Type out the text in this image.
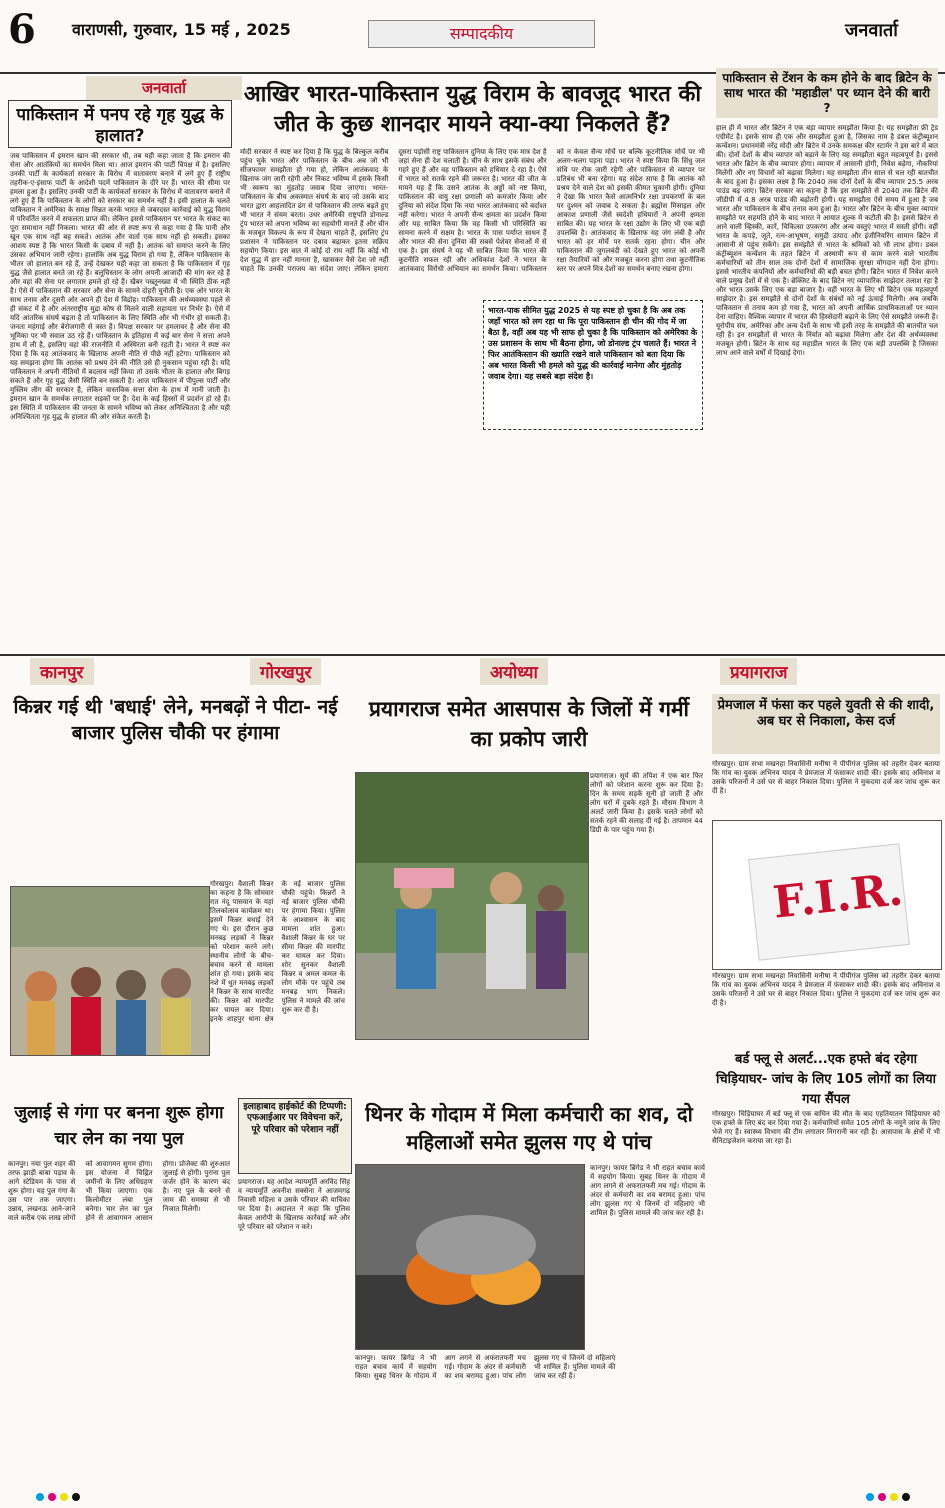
6 वाराणसी, गुरुवार, 15 मई , 2025	सम्पादकीय	जनवार्ता
जनवार्ता
पाकिस्तान में पनप रहे गृह युद्ध के हालात?
जब पाकिस्तान में इमरान खान की सरकार थी, तब यही कहा जाता है कि इमरान की सेना और आतंकियों का समर्थन मिला था। आज इमरान की पार्टी विपक्ष में है। इसलिए उनकी पार्टी के कार्यकर्ता सरकार के विरोध में वातावरण बनाने में लगे हुए हैं राष्ट्रीय तहरीक-ए-इंसाफ पार्टी के आदेशी पदमें पाकिस्तान के दौरे पर हैं। भारत की सीमा पर हमला हुआ है। इसलिए उनकी पार्टी के कार्यकर्ता सरकार के विरोध में वातावरण बनाने में लगे हुए हैं कि पाकिस्तान के लोगों को सरकार का समर्थन नहीं है। इसी हालात के चलते पाकिस्तान ने अमेरिका के समक्ष मिन्नत करके भारत से जबरदस्त कार्रवाई को युद्ध विराम में परिवर्तित करने में सफलता प्राप्त की। लेकिन इससे पाकिस्तान पर भारत के संकट का पूरा समाधान नहीं निकला। भारत की ओर से स्पष्ट रूप से कहा गया है कि पानी और खून एक साथ नहीं बह सकते। आतंक और वार्ता एक साथ नहीं हो सकती। इसका आशय स्पष्ट है कि भारत किसी के दबाव में नहीं है। आतंक को समाप्त करने के लिए उसका अभियान जारी रहेगा। हालांकि अब युद्ध विराम हो गया है, लेकिन पाकिस्तान के भीतर जो हालात बन रहे हैं, उन्हें देखकर यही कहा जा सकता है कि पाकिस्तान में गृह युद्ध जैसे हालात बनते जा रहे हैं। बलूचिस्तान के लोग अपनी आजादी की मांग कर रहे हैं और वहां की सेना पर लगातार हमले हो रहे हैं। खैबर पख्तूनख्वा में भी स्थिति ठीक नहीं है। ऐसे में पाकिस्तान की सरकार और सेना के सामने दोहरी चुनौती है। एक ओर भारत के साथ तनाव और दूसरी ओर अपने ही देश में विद्रोह। पाकिस्तान की अर्थव्यवस्था पहले से ही संकट में है और अंतरराष्ट्रीय मुद्रा कोष से मिलने वाली सहायता पर निर्भर है। ऐसे में यदि आंतरिक संघर्ष बढ़ता है तो पाकिस्तान के लिए स्थिति और भी गंभीर हो सकती है। जनता महंगाई और बेरोजगारी से त्रस्त है। विपक्ष सरकार पर हमलावर है और सेना की भूमिका पर भी सवाल उठ रहे हैं। पाकिस्तान के इतिहास में कई बार सेना ने सत्ता अपने हाथ में ली है, इसलिए वहां की राजनीति में अस्थिरता बनी रहती है। भारत ने स्पष्ट कर दिया है कि वह आतंकवाद के खिलाफ अपनी नीति से पीछे नहीं हटेगा। पाकिस्तान को यह समझना होगा कि आतंक को प्रश्रय देने की नीति उसे ही नुकसान पहुंचा रही है। यदि पाकिस्तान ने अपनी नीतियों में बदलाव नहीं किया तो उसके भीतर के हालात और बिगड़ सकते हैं और गृह युद्ध जैसी स्थिति बन सकती है। आज पाकिस्तान में पीपुल्स पार्टी और मुस्लिम लीग की सरकार है, लेकिन वास्तविक सत्ता सेना के हाथ में मानी जाती है। इमरान खान के समर्थक लगातार सड़कों पर हैं। देश के कई हिस्सों में प्रदर्शन हो रहे हैं। इस स्थिति में पाकिस्तान की जनता के सामने भविष्य को लेकर अनिश्चितता है और यही अनिश्चितता गृह युद्ध के हालात की ओर संकेत करती है।
आखिर भारत-पाकिस्तान युद्ध विराम के बावजूद भारत की जीत के कुछ शानदार मायने क्या-क्या निकलते हैं?
मोदी सरकार ने स्पष्ट कर दिया है कि युद्ध के बिल्कुल करीब पहुंच चुके भारत और पाकिस्तान के बीच अब जो भी सीजफायर समझौता हो गया हो, लेकिन आतंकवाद के खिलाफ जंग जारी रहेगी और निकट भविष्य में इसके किसी भी स्वरूप का मुंहतोड़ जवाब दिया जाएगा। भारत-पाकिस्तान के बीच अकस्मात संघर्ष के बाद जो उसके बाद भारत द्वारा आहलादित ढंग से पाकिस्तान की तरफ बढ़ते हुए भी भारत ने संयम बरता। उधर अमेरिकी राष्ट्रपति डोनाल्ड ट्रंप भारत को अपना भविष्य का सहयोगी मानते हैं और चीन के मजबूत विकल्प के रूप में देखना चाहते हैं, इसलिए ट्रंप प्रशासन ने पाकिस्तान पर दबाव बढ़ाकर इतना सक्रिय सहयोग किया। इस बात में कोई दो राय नहीं कि कोई भी देश युद्ध में हार नहीं मानता है, खासकर वैसे देश जो नहीं चाहते कि उनकी पराजय का संदेश जाए। लेकिन हमारा दूसरा पड़ोसी राष्ट्र पाकिस्तान दुनिया के लिए एक मात्र देश है जहां सेना ही देश चलाती है। चीन के साथ इसके संबंध और गहरे हुए हैं और वह पाकिस्तान को हथियार दे रहा है। ऐसे में भारत को सतर्क रहने की जरूरत है। भारत की जीत के मायने यह हैं कि उसने आतंक के अड्डों को नष्ट किया, पाकिस्तान की वायु रक्षा प्रणाली को कमजोर किया और दुनिया को संदेश दिया कि नया भारत आतंकवाद को बर्दाश्त नहीं करेगा। भारत ने अपनी सैन्य क्षमता का प्रदर्शन किया और यह साबित किया कि वह किसी भी परिस्थिति का सामना करने में सक्षम है। भारत के पास पर्याप्त साधन हैं और भारत की सेना दुनिया की सबसे पेशेवर सेनाओं में से एक है। इस संघर्ष ने यह भी साबित किया कि भारत की कूटनीति सफल रही और अधिकांश देशों ने भारत के आतंकवाद विरोधी अभियान का समर्थन किया। पाकिस्तान को न केवल सैन्य मोर्चे पर बल्कि कूटनीतिक मोर्चे पर भी अलग-थलग पड़ना पड़ा। भारत ने स्पष्ट किया कि सिंधु जल संधि पर रोक जारी रहेगी और पाकिस्तान से व्यापार पर प्रतिबंध भी बना रहेगा। यह संदेश साफ है कि आतंक को प्रश्रय देने वाले देश को इसकी कीमत चुकानी होगी। दुनिया ने देखा कि भारत कैसे आत्मनिर्भर रक्षा उपकरणों के बल पर दुश्मन को जवाब दे सकता है। ब्रह्मोस मिसाइल और आकाश प्रणाली जैसे स्वदेशी हथियारों ने अपनी क्षमता साबित की। यह भारत के रक्षा उद्योग के लिए भी एक बड़ी उपलब्धि है। आतंकवाद के खिलाफ यह जंग लंबी है और भारत को हर मोर्चे पर सतर्क रहना होगा। चीन और पाकिस्तान की जुगलबंदी को देखते हुए भारत को अपनी रक्षा तैयारियों को और मजबूत करना होगा तथा कूटनीतिक स्तर पर अपने मित्र देशों का समर्थन बनाए रखना होगा।
भारत-पाक सीमित युद्ध 2025 से यह स्पष्ट हो चुका है कि अब तक जहाँ भारत को लग रहा था कि पूरा पाकिस्तान ही चीन की गोद में जा बैठा है, वहीं अब यह भी साफ हो चुका है कि पाकिस्तान को अमेरिका के उस प्रशासन के साथ भी बैठना होगा, जो डोनाल्ड ट्रंप चलाते हैं। भारत ने फिर आतंकिस्तान की ख्याति रखने वाले पाकिस्तान को बता दिया कि अब भारत किसी भी हमले को युद्ध की कार्रवाई मानेगा और मुंहतोड़ जवाब देगा। यह सबसे बड़ा संदेश है।
पाकिस्तान से टेंशन के कम होने के बाद ब्रिटेन के साथ भारत की 'महाडील' पर ध्यान देने की बारी ?
हाल ही में भारत और ब्रिटेन ने एक बड़ा व्यापार समझौता किया है। यह समझौता फ्री ट्रेड एग्रीमेंट है। इसके साथ ही एक और समझौता हुआ है, जिसका नाम है डबल कंट्रीब्यूशन कन्वेंशन। प्रधानमंत्री नरेंद्र मोदी और ब्रिटेन में उनके समकक्ष कीर स्टार्मर ने इस बारे में बात की। दोनों देशों के बीच व्यापार को बढ़ाने के लिए यह समझौता बहुत महत्वपूर्ण है। इससे भारत और ब्रिटेन के बीच व्यापार होगा। व्यापार में आसानी होगी, निवेश बढ़ेगा, नौकरियां मिलेंगी और नए विचारों को बढ़ावा मिलेगा। यह समझौता तीन साल से चल रही बातचीत के बाद हुआ है। इसका लक्ष्य है कि 2040 तक दोनों देशों के बीच व्यापार 25.5 अरब पाउंड बढ़ जाए। ब्रिटेन सरकार का कहना है कि इस समझौते से 2040 तक ब्रिटेन की जीडीपी में 4.8 अरब पाउंड की बढ़ोतरी होगी। यह समझौता ऐसे समय में हुआ है जब भारत और पाकिस्तान के बीच तनाव कम हुआ है। भारत और ब्रिटेन के बीच मुक्त व्यापार समझौते पर सहमति होने के बाद भारत ने आयात शुल्क में कटौती की है। इससे ब्रिटेन से आने वाली व्हिस्की, कारें, चिकित्सा उपकरण और अन्य वस्तुएं भारत में सस्ती होंगी। वहीं भारत के कपड़े, जूते, रत्न-आभूषण, समुद्री उत्पाद और इंजीनियरिंग सामान ब्रिटेन में आसानी से पहुंच सकेंगे। इस समझौते से भारत के श्रमिकों को भी लाभ होगा। डबल कंट्रीब्यूशन कन्वेंशन के तहत ब्रिटेन में अस्थायी रूप से काम करने वाले भारतीय कर्मचारियों को तीन साल तक दोनों देशों में सामाजिक सुरक्षा योगदान नहीं देना होगा। इससे भारतीय कंपनियों और कर्मचारियों की बड़ी बचत होगी। ब्रिटेन भारत में निवेश करने वाले प्रमुख देशों में से एक है। ब्रेक्जिट के बाद ब्रिटेन नए व्यापारिक साझेदार तलाश रहा है और भारत उसके लिए एक बड़ा बाजार है। वहीं भारत के लिए भी ब्रिटेन एक महत्वपूर्ण साझेदार है। इस समझौते से दोनों देशों के संबंधों को नई ऊंचाई मिलेगी। अब जबकि पाकिस्तान से तनाव कम हो गया है, भारत को अपनी आर्थिक प्राथमिकताओं पर ध्यान देना चाहिए। वैश्विक व्यापार में भारत की हिस्सेदारी बढ़ाने के लिए ऐसे समझौते जरूरी हैं। यूरोपीय संघ, अमेरिका और अन्य देशों के साथ भी इसी तरह के समझौते की बातचीत चल रही है। इन समझौतों से भारत के निर्यात को बढ़ावा मिलेगा और देश की अर्थव्यवस्था मजबूत होगी। ब्रिटेन के साथ यह महाडील भारत के लिए एक बड़ी उपलब्धि है जिसका लाभ आने वाले वर्षों में दिखाई देगा।
कानपुर	गोरखपुर	अयोध्या	प्रयागराज
किन्नर गई थी 'बधाई' लेने, मनबढ़ों ने पीटा- नई बाजार पुलिस चौकी पर हंगामा
गोरखपुर। वैशाली किन्नर का कहना है कि सोमवार रात नंदू पासवान के यहां तिलकोत्सव कार्यक्रम था। इसमें किन्नर बधाई देने गए थे। इस दौरान कुछ मनबढ़ लड़कों ने किन्नर को परेशान करने लगे। स्थानीय लोगों के बीच-बचाव करने से मामला शांत हो गया। इसके बाद नशे में धुत मनबढ़ लड़कों ने किन्नर के साथ मारपीट की। किन्नर को मारपीट कर घायल कर दिया। इनके शाहपुर थाना क्षेत्र के नई बाजार पुलिस चौकी पहुंचे। किन्नरों ने नई बाजार पुलिस चौकी पर हंगामा किया। पुलिस के आश्वासन के बाद मामला शांत हुआ। वैशाली किन्नर के घर पर सीमा किन्नर की मारपीट कर घायल कर दिया। शोर सुनकर वैशाली किन्नर व अमल कमल के लोग मौके पर पहुंचे तब मनबढ़ भाग निकले। पुलिस ने मामले की जांच शुरू कर दी है।
जुलाई से गंगा पर बनना शुरू होगा चार लेन का नया पुल
कानपुर। नया पुल शहर की तरफ झाड़ी बाबा पड़ाव के आगे स्टेडियम के पास से शुरू होगा। यह पुल गंगा के उस पार तक जाएगा। उन्नाव, लखनऊ आने-जाने वाले करीब एक लाख लोगों को आवागमन सुगम होगा। इस योजना में चिह्नित जमीनों के लिए अधिग्रहण भी किया जाएगा। एक किलोमीटर लंबा पुल बनेगा। चार लेन का पुल होने से आवागमन आसान होगा। प्रोजेक्ट की शुरुआत जुलाई से होगी। पुराना पुल जर्जर होने के कारण बंद है। नए पुल के बनने से जाम की समस्या से भी निजात मिलेगी।
इलाहाबाद हाईकोर्ट की टिप्पणी: एफआईआर पर विवेचना करें, पूरे परिवार को परेशान नहीं
प्रयागराज। यह आदेश न्यायमूर्ति अरविंद सिंह व न्यायमूर्ति अवनीश सक्सेना ने आजमगढ़ निवासी महिला व उसके परिवार की याचिका पर दिया है। अदालत ने कहा कि पुलिस केवल आरोपी के खिलाफ कार्रवाई करे और पूरे परिवार को परेशान न करे।
प्रयागराज समेत आसपास के जिलों में गर्मी का प्रकोप जारी
प्रयागराज। सूर्य की तपिश ने एक बार फिर लोगों को परेशान करना शुरू कर दिया है। दिन के समय सड़कें सूनी हो जाती हैं और लोग घरों में दुबके रहते हैं। मौसम विभाग ने अलर्ट जारी किया है। इसके चलते लोगों को सतर्क रहने की सलाह दी गई है। तापमान 44 डिग्री के पार पहुंच गया है।
थिनर के गोदाम में मिला कर्मचारी का शव, दो महिलाओं समेत झुलस गए थे पांच
कानपुर। फायर ब्रिगेड ने भी राहत बचाव कार्य में सहयोग किया। सुबह थिनर के गोदाम में आग लगने से अफरातफरी मच गई। गोदाम के अंदर से कर्मचारी का शव बरामद हुआ। पांच लोग झुलस गए थे जिनमें दो महिलाएं भी शामिल हैं। पुलिस मामले की जांच कर रही है।
कानपुर। फायर ब्रिगेड ने भी राहत बचाव कार्य में सहयोग किया। सुबह थिनर के गोदाम में आग लगने से अफरातफरी मच गई। गोदाम के अंदर से कर्मचारी का शव बरामद हुआ। पांच लोग झुलस गए थे जिनमें दो महिलाएं भी शामिल हैं। पुलिस मामले की जांच कर रही है।
प्रेमजाल में फंसा कर पहले युवती से की शादी, अब घर से निकाला, केस दर्ज
गोरखपुर। ग्राम सभा मखनहा निवासिनी मनीषा ने पीपीगंज पुलिस को तहरीर देकर बताया कि गांव का युवक अभिनव यादव ने प्रेमजाल में फंसाकर शादी की। इसके बाद अविनाश व उसके परिजनों ने उसे घर से बाहर निकाल दिया। पुलिस ने मुकदमा दर्ज कर जांच शुरू कर दी है।
F.I.R.
गोरखपुर। ग्राम सभा मखनहा निवासिनी मनीषा ने पीपीगंज पुलिस को तहरीर देकर बताया कि गांव का युवक अभिनव यादव ने प्रेमजाल में फंसाकर शादी की। इसके बाद अविनाश व उसके परिजनों ने उसे घर से बाहर निकाल दिया। पुलिस ने मुकदमा दर्ज कर जांच शुरू कर दी है।
बर्ड फ्लू से अलर्ट...एक हफ्ते बंद रहेगा चिड़ियाघर- जांच के लिए 105 लोगों का लिया गया सैंपल
गोरखपुर। चिड़ियाघर में बर्ड फ्लू से एक बाघिन की मौत के बाद एहतियातन चिड़ियाघर को एक हफ्ते के लिए बंद कर दिया गया है। कर्मचारियों समेत 105 लोगों के नमूने जांच के लिए भेजे गए हैं। स्वास्थ्य विभाग की टीम लगातार निगरानी कर रही है। आसपास के क्षेत्रों में भी सैनिटाइजेशन कराया जा रहा है।
